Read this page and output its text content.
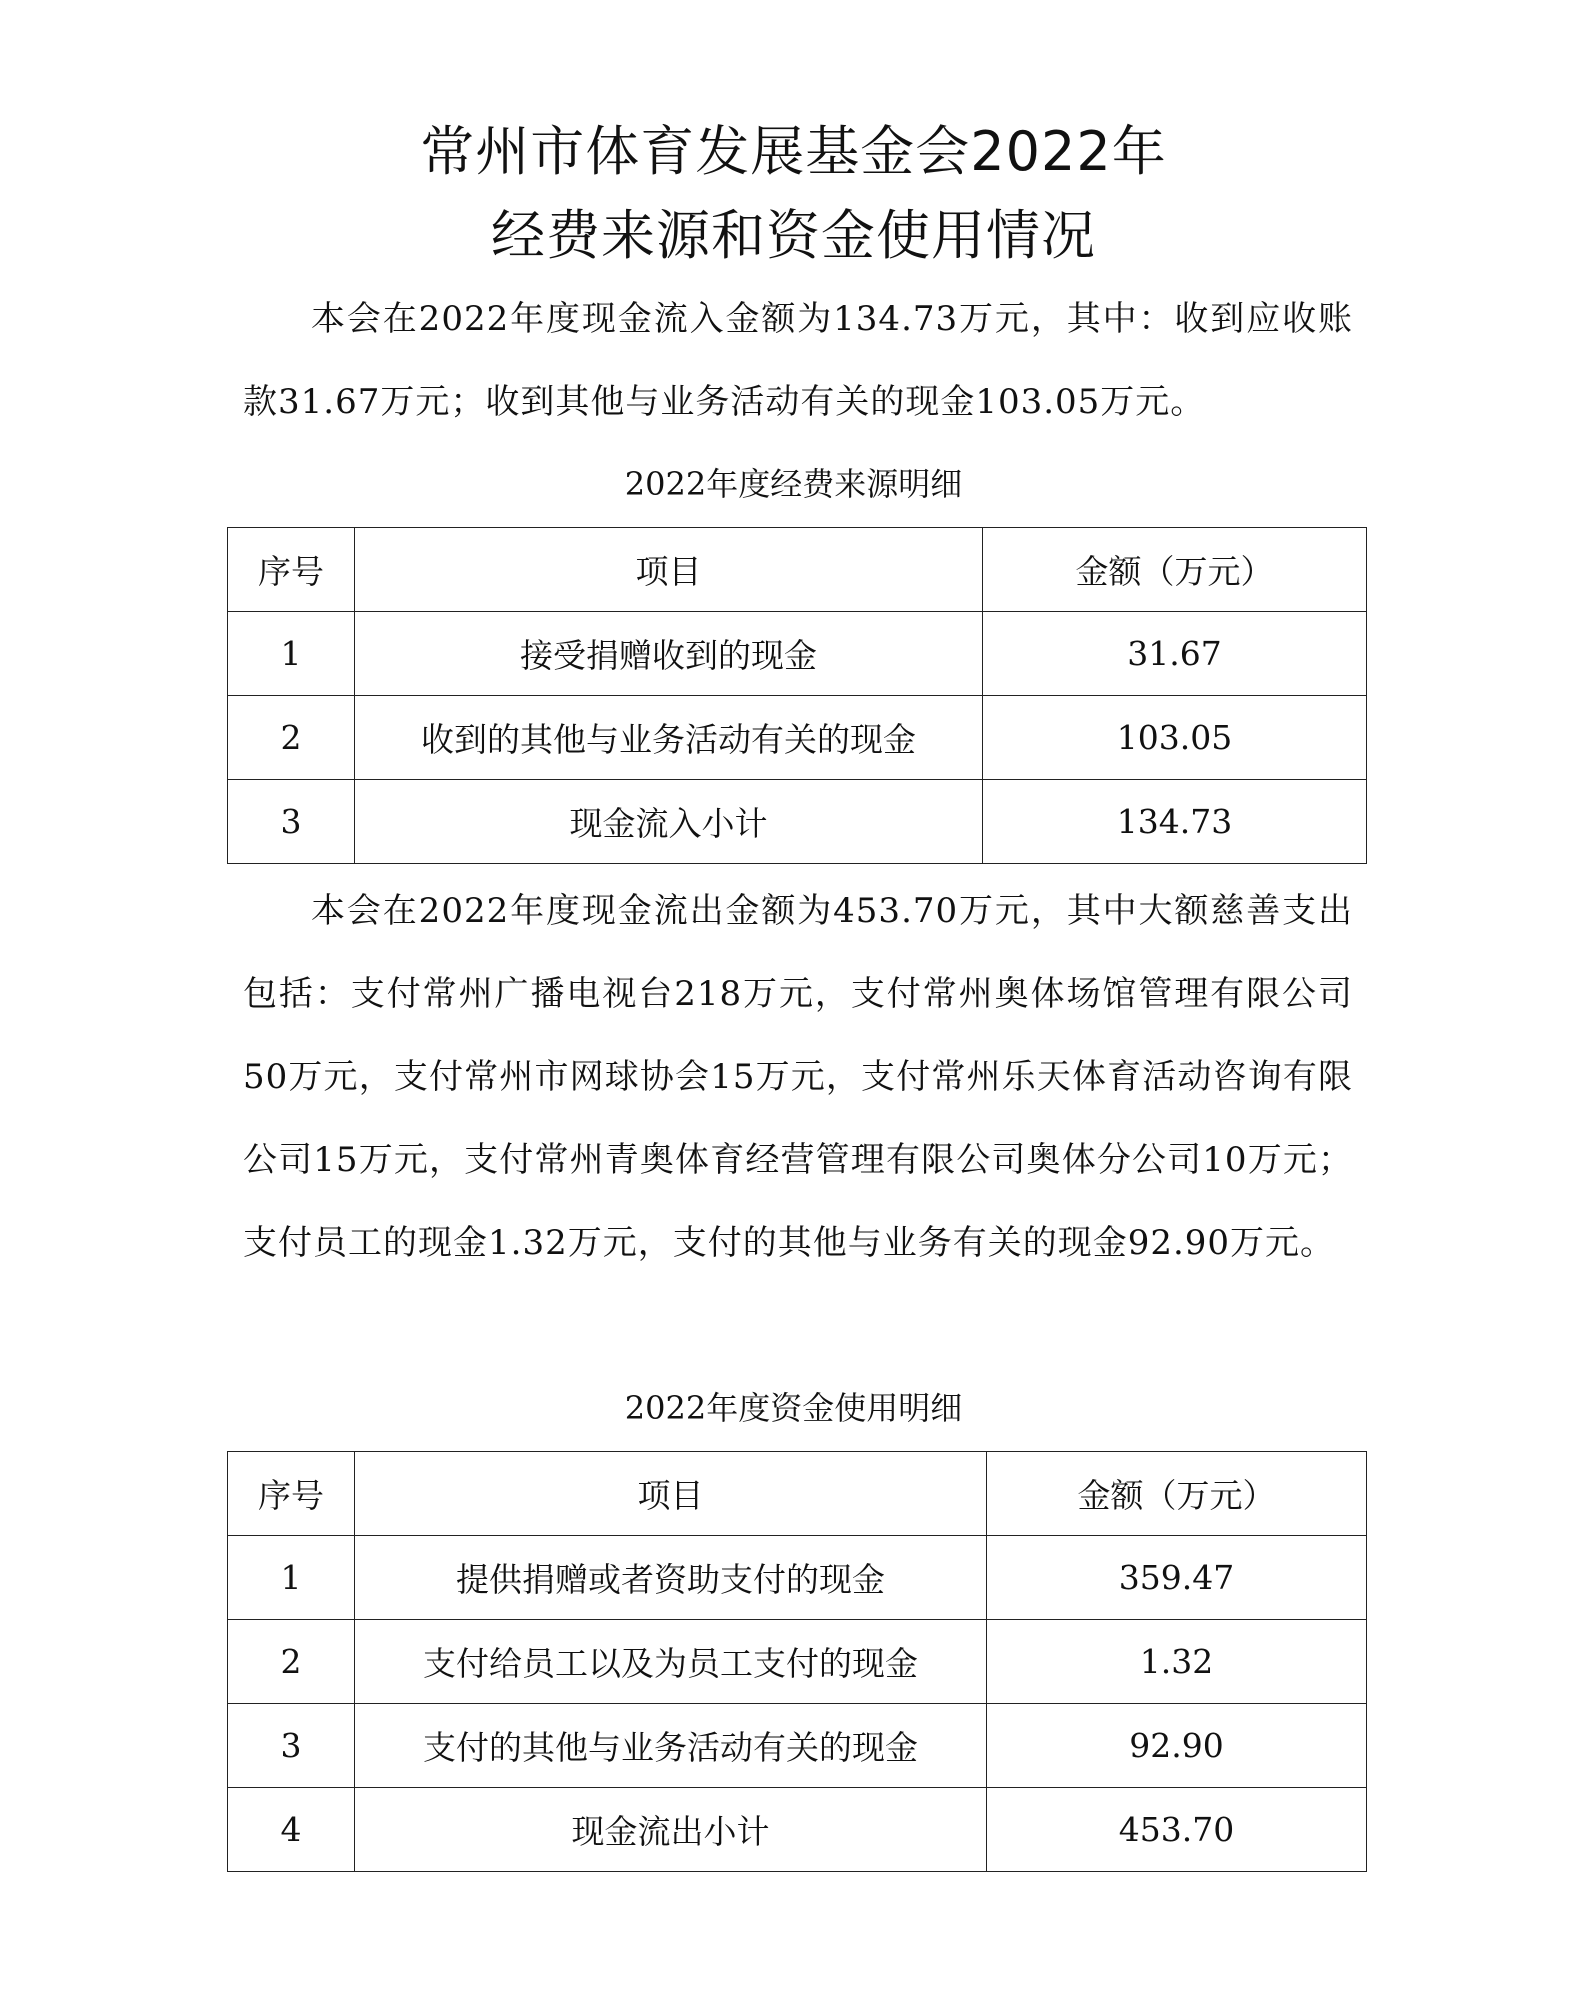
常州市体育发展基金会2022年
经费来源和资金使用情况

本会在2022年度现金流入金额为134.73万元，其中：收到应收账款31.67万元；收到其他与业务活动有关的现金103.05万元。

2022年度经费来源明细
序号	项目	金额（万元）
1	接受捐赠收到的现金	31.67
2	收到的其他与业务活动有关的现金	103.05
3	现金流入小计	134.73

本会在2022年度现金流出金额为453.70万元，其中大额慈善支出包括：支付常州广播电视台218万元，支付常州奥体场馆管理有限公司50万元，支付常州市网球协会15万元，支付常州乐天体育活动咨询有限公司15万元，支付常州青奥体育经营管理有限公司奥体分公司10万元；支付员工的现金1.32万元，支付的其他与业务有关的现金92.90万元。

2022年度资金使用明细
序号	项目	金额（万元）
1	提供捐赠或者资助支付的现金	359.47
2	支付给员工以及为员工支付的现金	1.32
3	支付的其他与业务活动有关的现金	92.90
4	现金流出小计	453.70
